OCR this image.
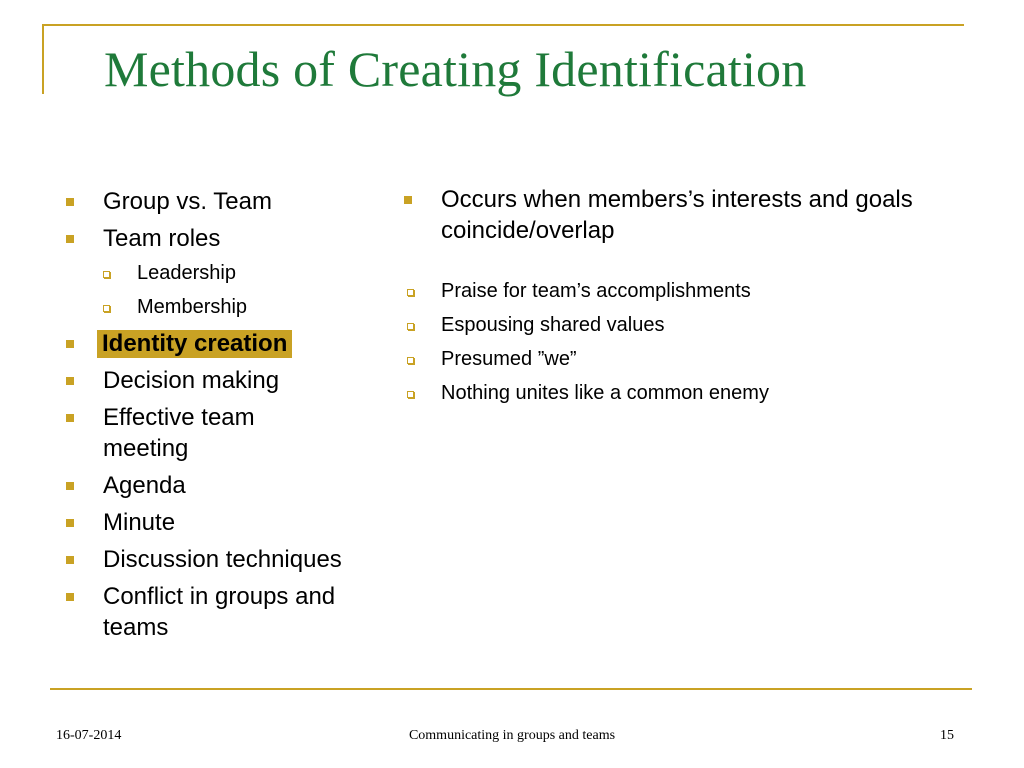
Methods of Creating Identification
Group vs. Team
Team roles
Leadership
Membership
Identity creation
Decision making
Effective team meeting
Agenda
Minute
Discussion techniques
Conflict in groups and teams
Occurs when members’s interests and goals coincide/overlap
Praise for team’s accomplishments
Espousing shared values
Presumed ”we”
Nothing unites like a common enemy
16-07-2014	Communicating in groups and teams	15
